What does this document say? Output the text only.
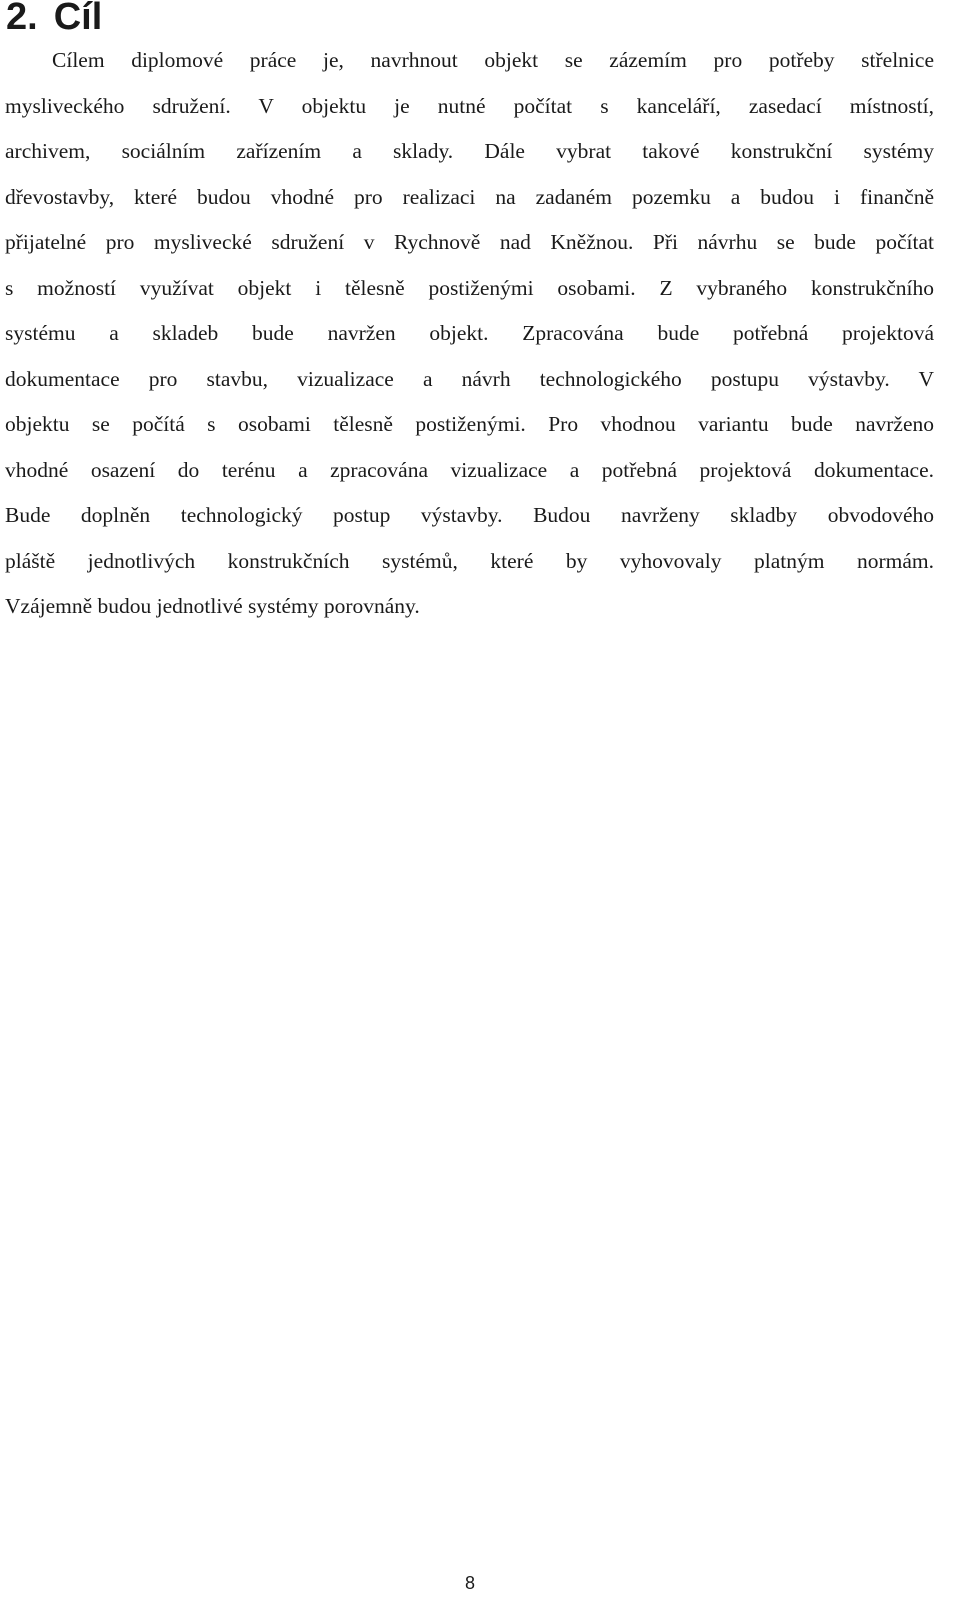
2. Cíl
Cílem diplomové práce je, navrhnout objekt se zázemím pro potřeby střelnice
mysliveckého sdružení. V objektu je nutné počítat s kanceláří, zasedací místností,
archivem, sociálním zařízením a sklady. Dále vybrat takové konstrukční systémy
dřevostavby, které budou vhodné pro realizaci na zadaném pozemku a budou i finančně
přijatelné pro myslivecké sdružení v Rychnově nad Kněžnou. Při návrhu se bude počítat
s možností využívat objekt i tělesně postiženými osobami. Z vybraného konstrukčního
systému a skladeb bude navržen objekt. Zpracována bude potřebná projektová
dokumentace pro stavbu, vizualizace a návrh technologického postupu výstavby. V
objektu se počítá s osobami tělesně postiženými. Pro vhodnou variantu bude navrženo
vhodné osazení do terénu a zpracována vizualizace a potřebná projektová dokumentace.
Bude doplněn technologický postup výstavby. Budou navrženy skladby obvodového
pláště jednotlivých konstrukčních systémů, které by vyhovovaly platným normám.
Vzájemně budou jednotlivé systémy porovnány.
8
